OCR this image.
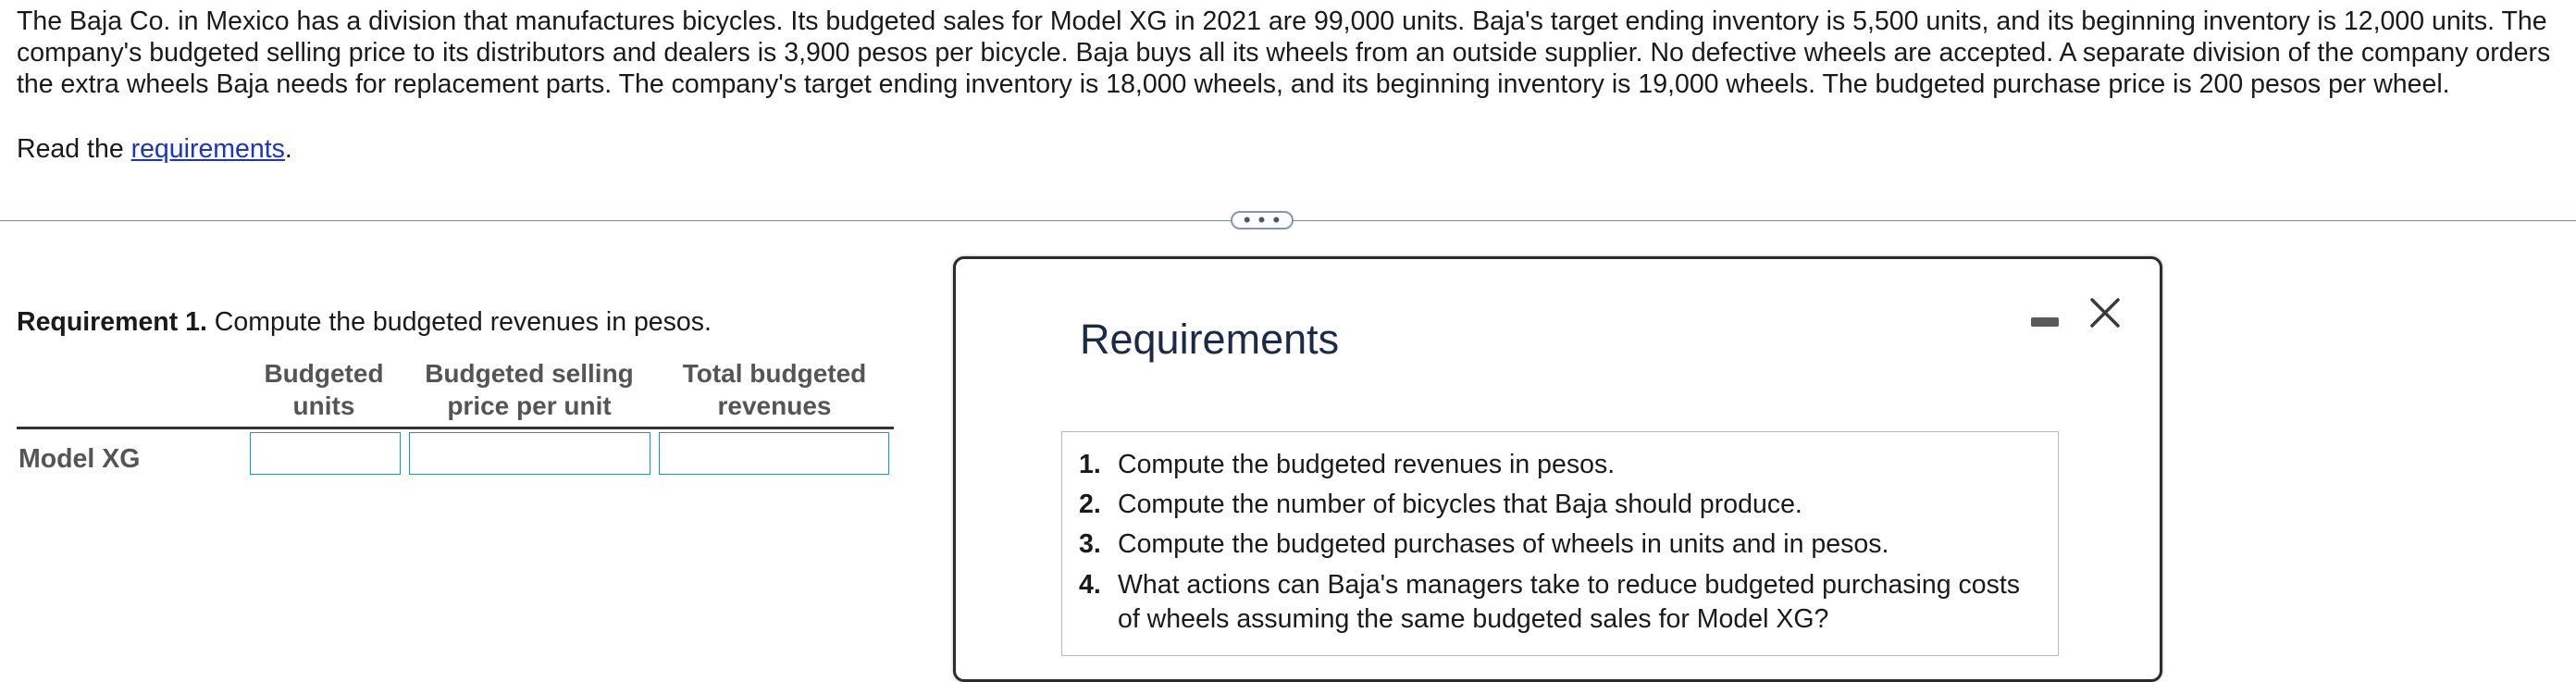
The Baja Co. in Mexico has a division that manufactures bicycles. Its budgeted sales for Model XG in 2021 are 99,000 units. Baja's target ending inventory is 5,500 units, and its beginning inventory is 12,000 units. The company's budgeted selling price to its distributors and dealers is 3,900 pesos per bicycle. Baja buys all its wheels from an outside supplier. No defective wheels are accepted. A separate division of the company orders the extra wheels Baja needs for replacement parts. The company's target ending inventory is 18,000 wheels, and its beginning inventory is 19,000 wheels. The budgeted purchase price is 200 pesos per wheel.

Read the requirements.

• • •

Requirement 1. Compute the budgeted revenues in pesos.

Budgeted
units
Budgeted selling
price per unit
Total budgeted
revenues
Model XG
Requirements
1. Compute the budgeted revenues in pesos.
2. Compute the number of bicycles that Baja should produce.
3. Compute the budgeted purchases of wheels in units and in pesos.
4. What actions can Baja's managers take to reduce budgeted purchasing costs of wheels assuming the same budgeted sales for Model XG?
